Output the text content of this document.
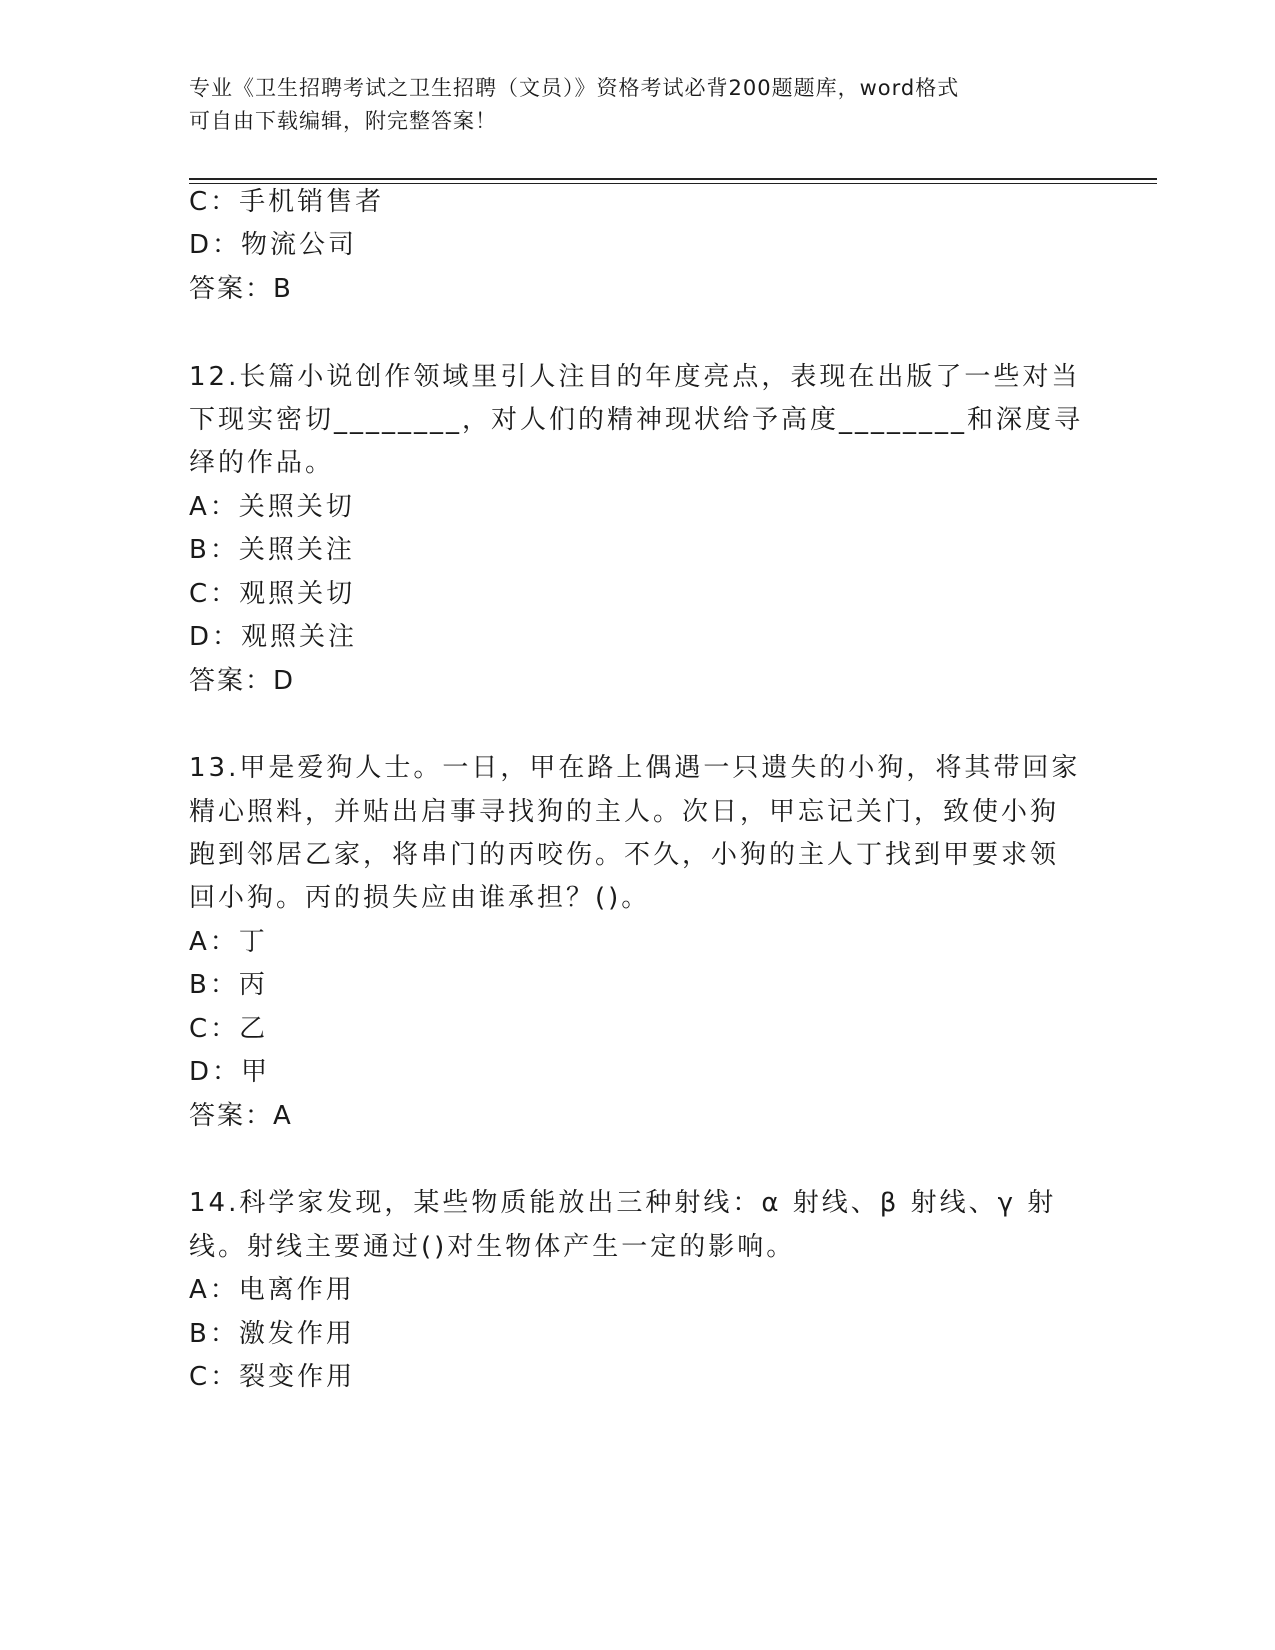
专业《卫生招聘考试之卫生招聘（文员）》资格考试必背200题题库，word格式
可自由下载编辑，附完整答案！
C：手机销售者
D：物流公司
答案：B
12.长篇小说创作领域里引人注目的年度亮点，表现在出版了一些对当
下现实密切________，对人们的精神现状给予高度________和深度寻
绎的作品。
A：关照关切
B：关照关注
C：观照关切
D：观照关注
答案：D
13.甲是爱狗人士。一日，甲在路上偶遇一只遗失的小狗，将其带回家
精心照料，并贴出启事寻找狗的主人。次日，甲忘记关门，致使小狗
跑到邻居乙家，将串门的丙咬伤。不久，小狗的主人丁找到甲要求领
回小狗。丙的损失应由谁承担？()。
A：丁
B：丙
C：乙
D：甲
答案：A
14.科学家发现，某些物质能放出三种射线：α 射线、β 射线、γ 射
线。射线主要通过()对生物体产生一定的影响。
A：电离作用
B：激发作用
C：裂变作用
